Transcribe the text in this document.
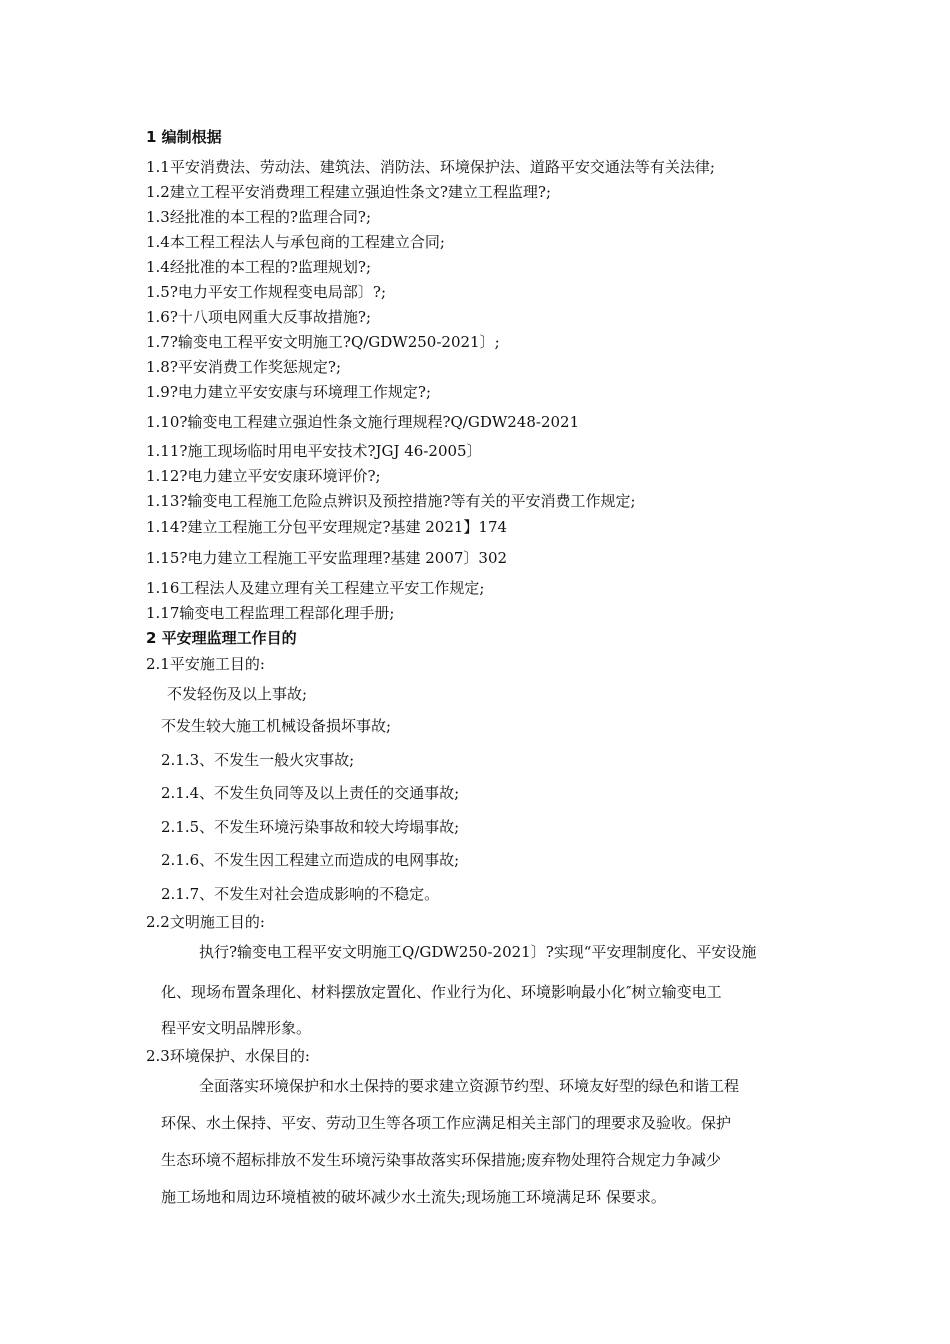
1 编制根据
1.1平安消费法、劳动法、建筑法、消防法、环境保护法、道路平安交通法等有关法律;
1.2建立工程平安消费理工程建立强迫性条文?建立工程监理?;
1.3经批准的本工程的?监理合同?;
1.4本工程工程法人与承包商的工程建立合同;
1.4经批准的本工程的?监理规划?;
1.5?电力平安工作规程变电局部〕?;
1.6?十八项电网重大反事故措施?;
1.7?输变电工程平安文明施工?Q/GDW250-2021〕;
1.8?平安消费工作奖惩规定?;
1.9?电力建立平安安康与环境理工作规定?;
1.10?输变电工程建立强迫性条文施行理规程?Q/GDW248-2021
1.11?施工现场临时用电平安技术?JGJ 46-2005〕
1.12?电力建立平安安康环境评价?;
1.13?输变电工程施工危险点辨识及预控措施?等有关的平安消费工作规定;
1.14?建立工程施工分包平安理规定?基建 2021】174
1.15?电力建立工程施工平安监理理?基建 2007〕302
1.16工程法人及建立理有关工程建立平安工作规定;
1.17输变电工程监理工程部化理手册;
2 平安理监理工作目的
2.1平安施工目的:
不发轻伤及以上事故;
不发生较大施工机械设备损坏事故;
2.1.3、不发生一般火灾事故;
2.1.4、不发生负同等及以上责任的交通事故;
2.1.5、不发生环境污染事故和较大垮塌事故;
2.1.6、不发生因工程建立而造成的电网事故;
2.1.7、不发生对社会造成影响的不稳定。
2.2文明施工目的:
执行?输变电工程平安文明施工Q/GDW250-2021〕?实现“平安理制度化、平安设施
化、现场布置条理化、材料摆放定置化、作业行为化、环境影响最小化″树立输变电工
程平安文明品牌形象。
2.3环境保护、水保目的:
全面落实环境保护和水土保持的要求建立资源节约型、环境友好型的绿色和谐工程
环保、水土保持、平安、劳动卫生等各项工作应满足相关主部门的理要求及验收。保护
生态环境不超标排放不发生环境污染事故落实环保措施;废弃物处理符合规定力争减少
施工场地和周边环境植被的破坏减少水土流失;现场施工环境满足环 保要求。
